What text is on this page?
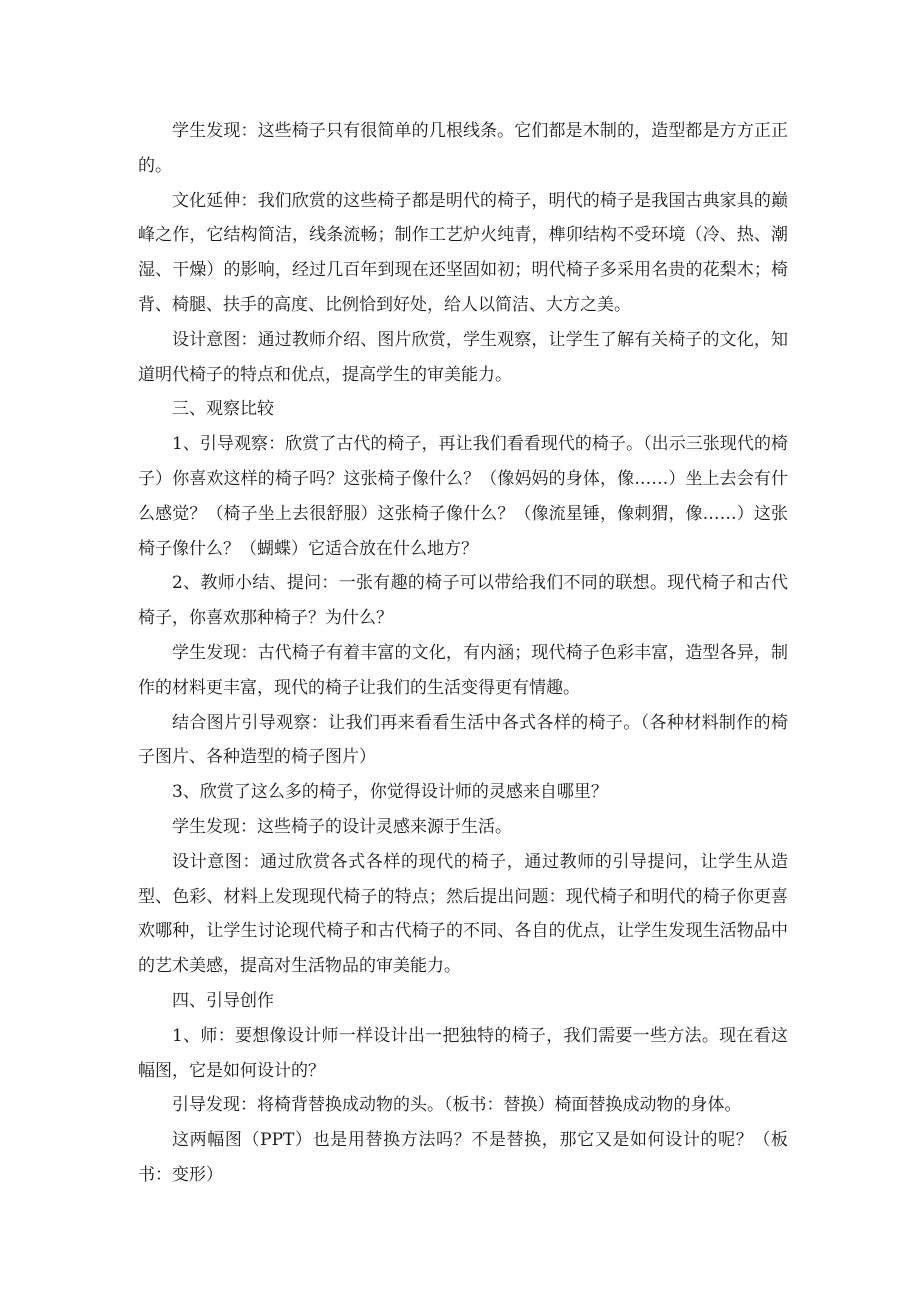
学生发现：这些椅子只有很简单的几根线条。它们都是木制的，造型都是方方正正的。

文化延伸：我们欣赏的这些椅子都是明代的椅子，明代的椅子是我国古典家具的巅峰之作，它结构简洁，线条流畅；制作工艺炉火纯青，榫卯结构不受环境（冷、热、潮湿、干燥）的影响，经过几百年到现在还坚固如初；明代椅子多采用名贵的花梨木；椅背、椅腿、扶手的高度、比例恰到好处，给人以简洁、大方之美。

设计意图：通过教师介绍、图片欣赏，学生观察，让学生了解有关椅子的文化，知道明代椅子的特点和优点，提高学生的审美能力。

三、观察比较

1、引导观察：欣赏了古代的椅子，再让我们看看现代的椅子。（出示三张现代的椅子）你喜欢这样的椅子吗？这张椅子像什么？（像妈妈的身体，像……）坐上去会有什么感觉？（椅子坐上去很舒服）这张椅子像什么？（像流星锤，像刺猬，像……）这张椅子像什么？（蝴蝶）它适合放在什么地方？

2、教师小结、提问：一张有趣的椅子可以带给我们不同的联想。现代椅子和古代椅子，你喜欢那种椅子？为什么？

学生发现：古代椅子有着丰富的文化，有内涵；现代椅子色彩丰富，造型各异，制作的材料更丰富，现代的椅子让我们的生活变得更有情趣。

结合图片引导观察：让我们再来看看生活中各式各样的椅子。（各种材料制作的椅子图片、各种造型的椅子图片）

3、欣赏了这么多的椅子，你觉得设计师的灵感来自哪里？

学生发现：这些椅子的设计灵感来源于生活。

设计意图：通过欣赏各式各样的现代的椅子，通过教师的引导提问，让学生从造型、色彩、材料上发现现代椅子的特点；然后提出问题：现代椅子和明代的椅子你更喜欢哪种，让学生讨论现代椅子和古代椅子的不同、各自的优点，让学生发现生活物品中的艺术美感，提高对生活物品的审美能力。

四、引导创作

1、师：要想像设计师一样设计出一把独特的椅子，我们需要一些方法。现在看这幅图，它是如何设计的？

引导发现：将椅背替换成动物的头。（板书：替换）椅面替换成动物的身体。

这两幅图（PPT）也是用替换方法吗？不是替换，那它又是如何设计的呢？（板书：变形）
